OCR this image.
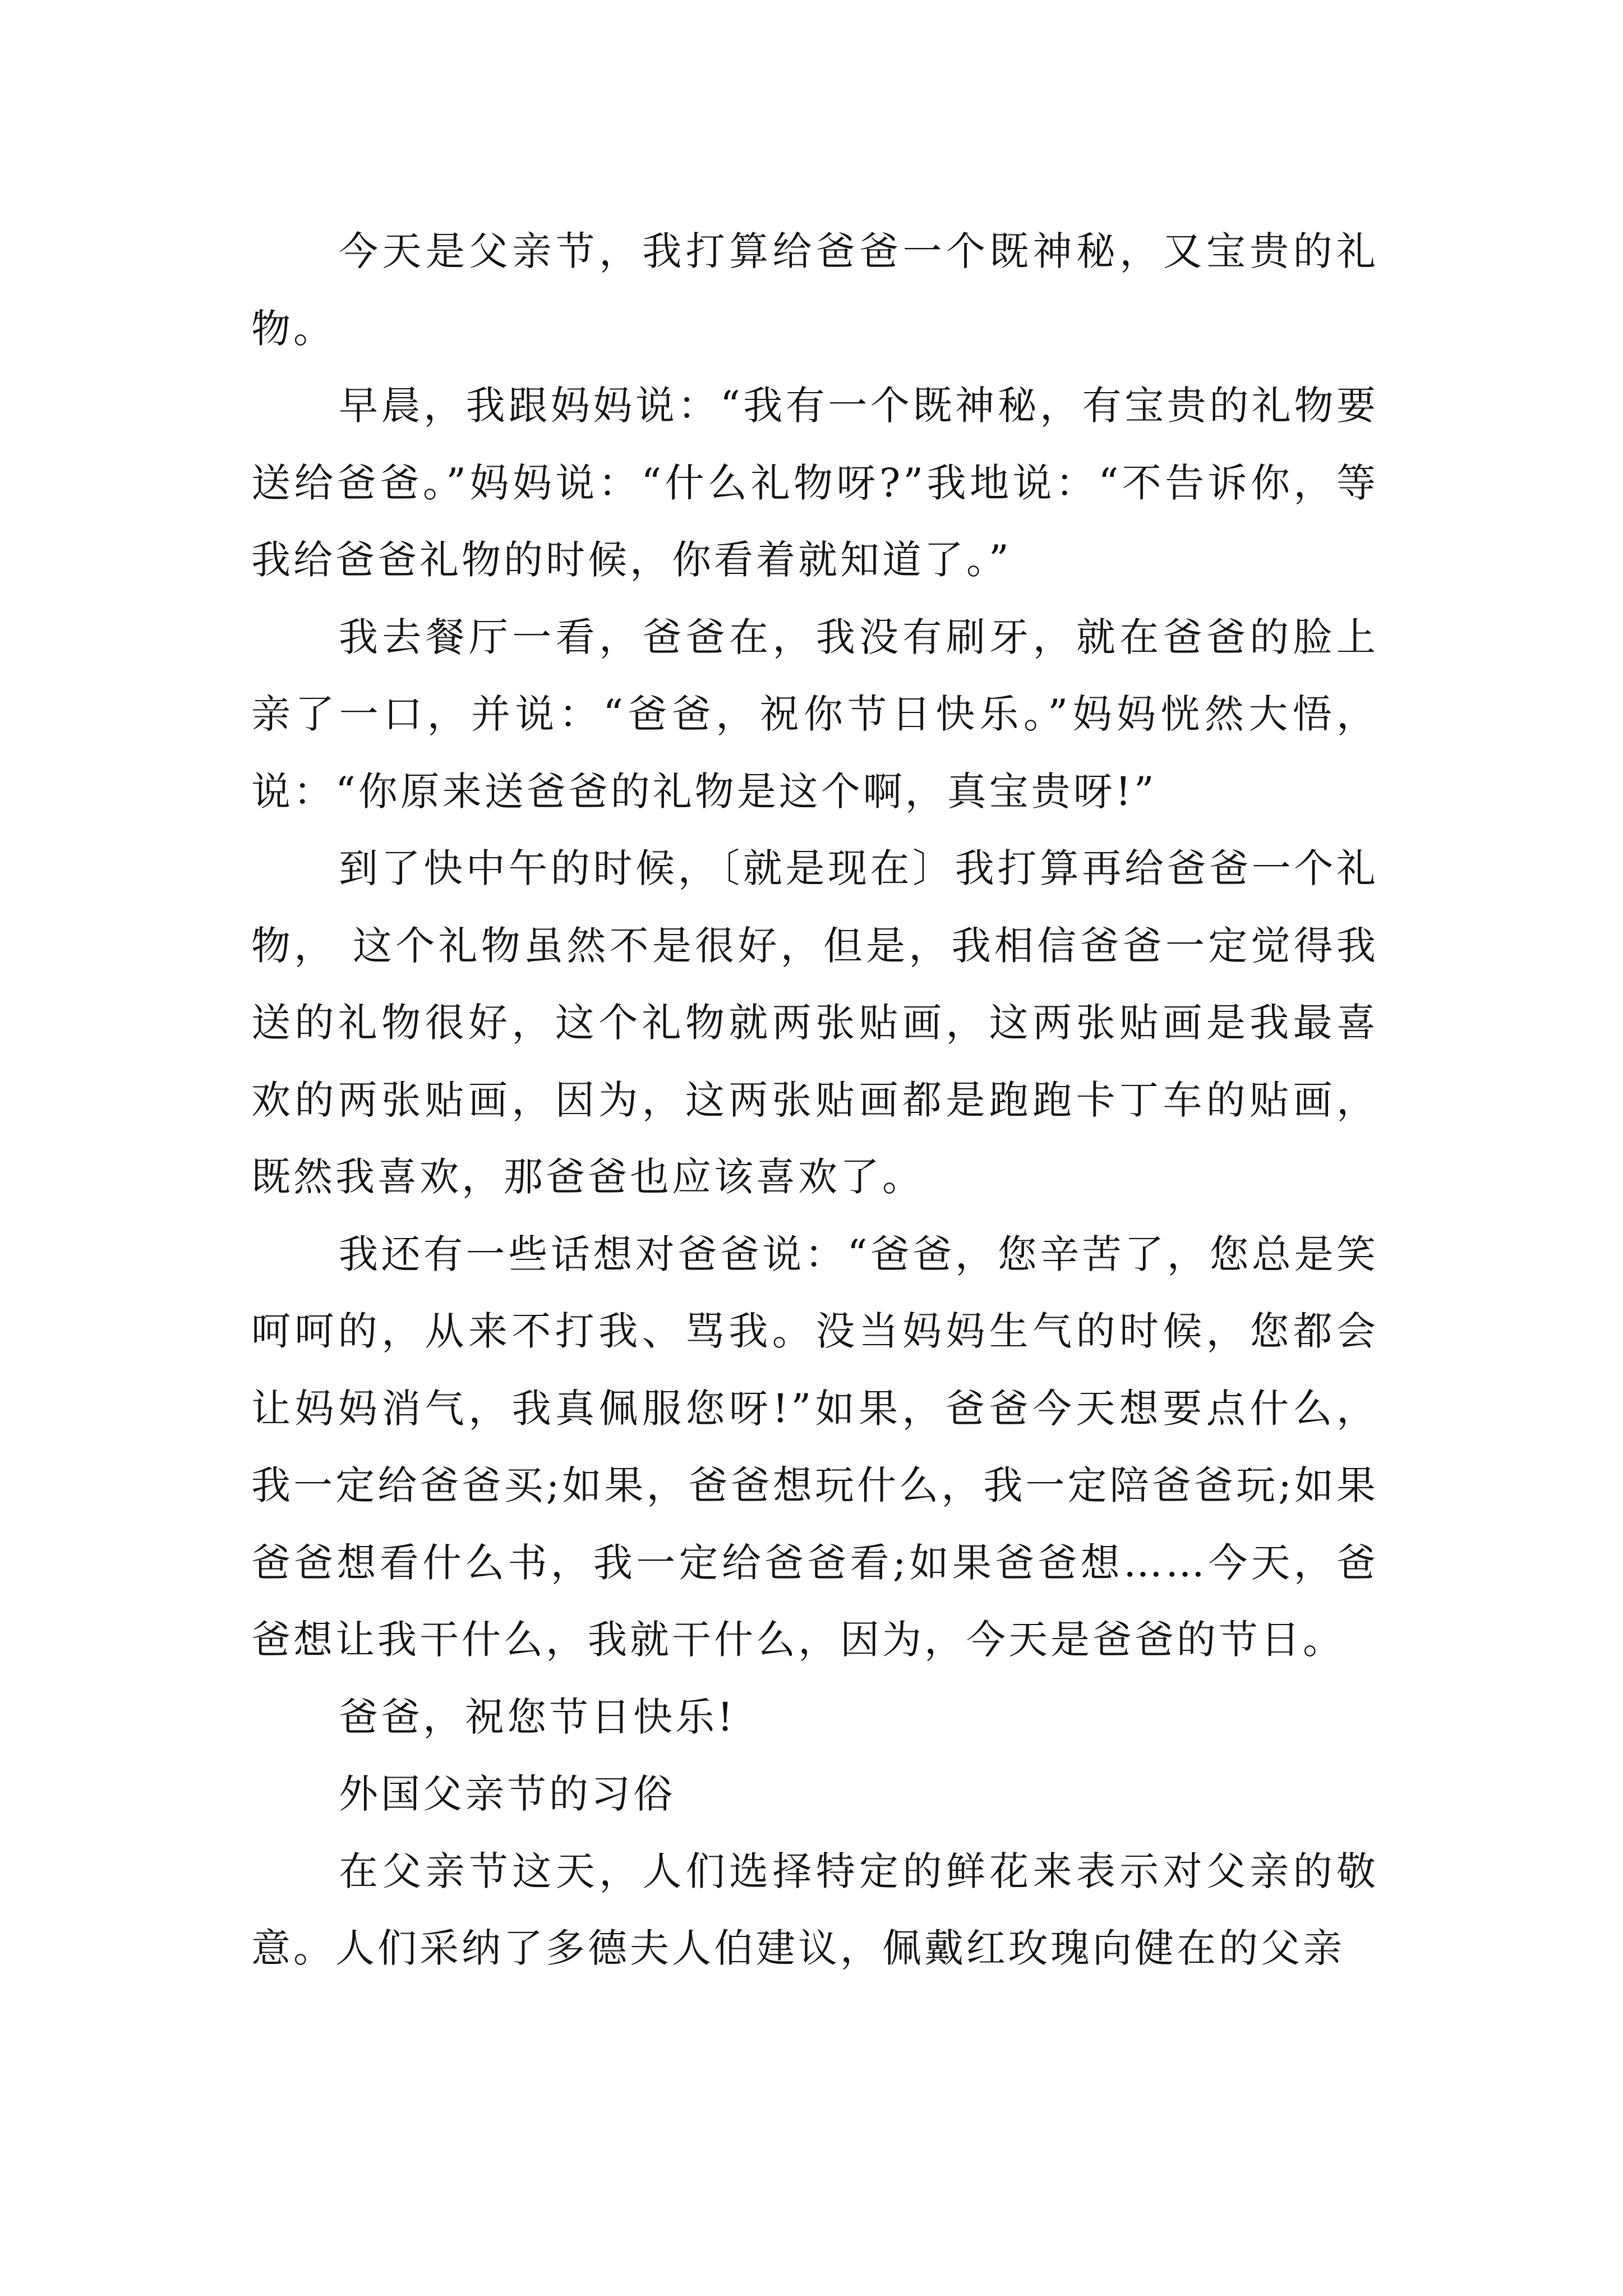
今天是父亲节，我打算给爸爸一个既神秘，又宝贵的礼物。

早晨，我跟妈妈说：“我有一个既神秘，有宝贵的礼物要送给爸爸。”妈妈说：“什么礼物呀?”我地说：“不告诉你，等我给爸爸礼物的时候，你看着就知道了。”

我去餐厅一看，爸爸在，我没有刷牙，就在爸爸的脸上亲了一口，并说：“爸爸，祝你节日快乐。”妈妈恍然大悟，说：“你原来送爸爸的礼物是这个啊，真宝贵呀!”

到了快中午的时候，〔就是现在〕我打算再给爸爸一个礼物， 这个礼物虽然不是很好，但是，我相信爸爸一定觉得我送的礼物很好，这个礼物就两张贴画，这两张贴画是我最喜欢的两张贴画，因为，这两张贴画都是跑跑卡丁车的贴画，既然我喜欢，那爸爸也应该喜欢了。

我还有一些话想对爸爸说：“爸爸，您辛苦了，您总是笑呵呵的，从来不打我、骂我。没当妈妈生气的时候，您都会让妈妈消气，我真佩服您呀!”如果，爸爸今天想要点什么，我一定给爸爸买;如果，爸爸想玩什么，我一定陪爸爸玩;如果爸爸想看什么书，我一定给爸爸看;如果爸爸想……今天，爸爸想让我干什么，我就干什么，因为，今天是爸爸的节日。

爸爸，祝您节日快乐!

外国父亲节的习俗

在父亲节这天，人们选择特定的鲜花来表示对父亲的敬意。人们采纳了多德夫人伯建议，佩戴红玫瑰向健在的父亲
